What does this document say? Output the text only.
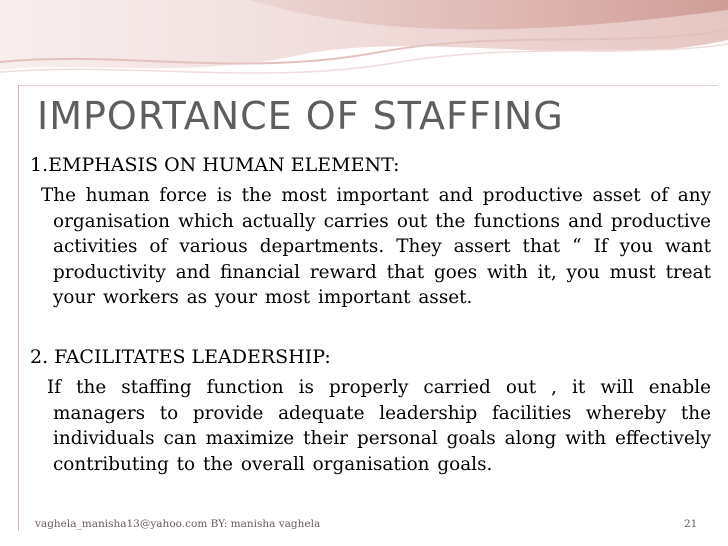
IMPORTANCE OF STAFFING

1.EMPHASIS ON HUMAN ELEMENT:

The human force is the most important and productive asset of any organisation which actually carries out the functions and productive activities of various departments. They assert that “ If you want productivity and financial reward that goes with it, you must treat your workers as your most important asset.

2. FACILITATES LEADERSHIP:

If the staffing function is properly carried out , it will enable managers to provide adequate leadership facilities whereby the individuals can maximize their personal goals along with effectively contributing to the overall organisation goals.

vaghela_manisha13@yahoo.com BY: manisha vaghela	21
